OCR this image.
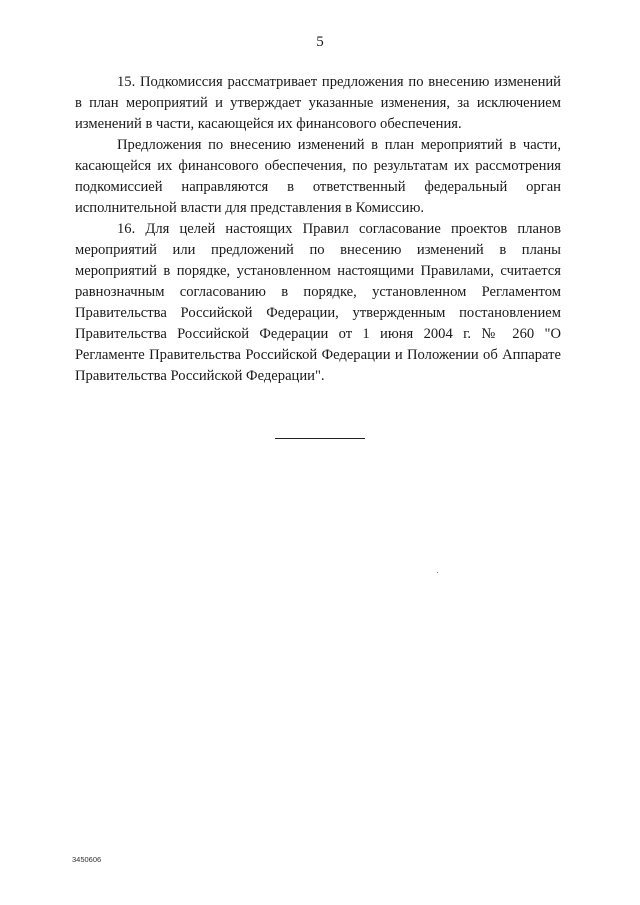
5

15. Подкомиссия рассматривает предложения по внесению изменений в план мероприятий и утверждает указанные изменения, за исключением изменений в части, касающейся их финансового обеспечения.

Предложения по внесению изменений в план мероприятий в части, касающейся их финансового обеспечения, по результатам их рассмотрения подкомиссией направляются в ответственный федеральный орган исполнительной власти для представления в Комиссию.

16. Для целей настоящих Правил согласование проектов планов мероприятий или предложений по внесению изменений в планы мероприятий в порядке, установленном настоящими Правилами, считается равнозначным согласованию в порядке, установленном Регламентом Правительства Российской Федерации, утвержденным постановлением Правительства Российской Федерации от 1 июня 2004 г. № 260 "О Регламенте Правительства Российской Федерации и Положении об Аппарате Правительства Российской Федерации".

3450606
